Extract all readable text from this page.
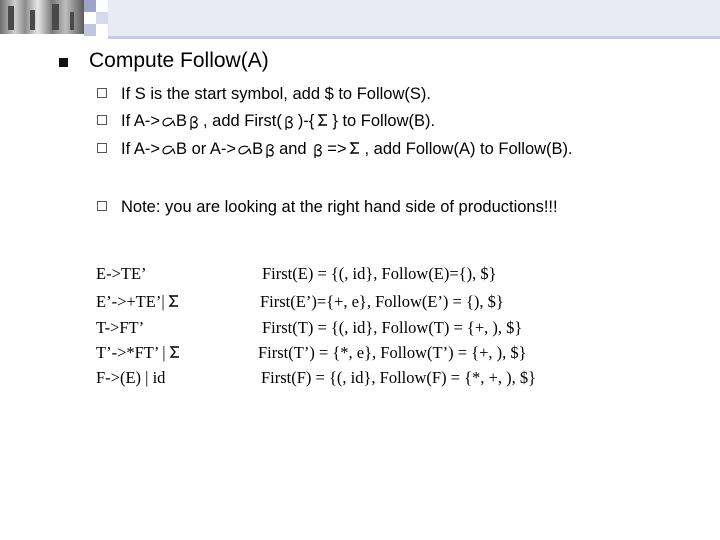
Compute Follow(A)
If S is the start symbol, add $ to Follow(S).
If A-> B , add First( )-{ } to Follow(B).
If A-> B or A-> B and => , add Follow(A) to Follow(B).
Note: you are looking at the right hand side of productions!!!
E->TE’
E’->+TE’|
T->FT’
T’->*FT’ |
F->(E) | id
First(E) = {(, id}, Follow(E)={), $}
First(E’)={+, e}, Follow(E’) = {), $}
First(T) = {(, id}, Follow(T) = {+, ), $}
First(T’) = {*, e}, Follow(T’) = {+, ), $}
First(F) = {(, id}, Follow(F) = {*, +, ), $}
